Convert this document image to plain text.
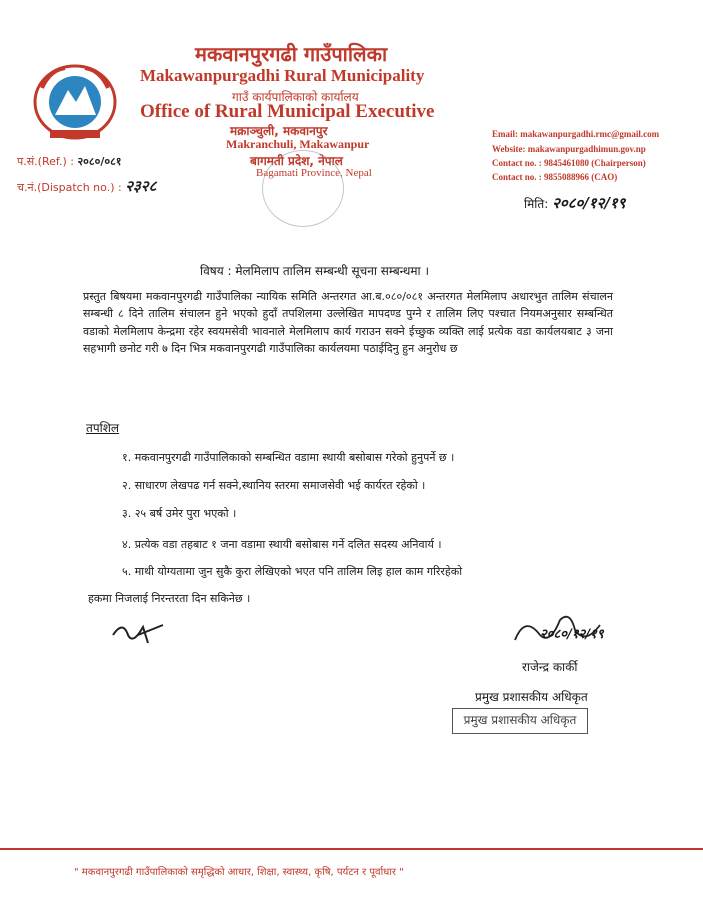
मकवानपुरगढी गाउँपालिका
Makawanpurgadhi Rural Municipality
गाउँ कार्यपालिकाको कार्यालय
Office of Rural Municipal Executive
मक्राञ्चुली, मकवानपुर
Makranchuli, Makawanpur
बागमती प्रदेश, नेपाल
Bagamati Province, Nepal
Email: makawanpurgadhi.rmc@gmail.com
Website: makawanpurgadhimun.gov.np
Contact no. : 9845461080 (Chairperson)
Contact no. : 9855088966 (CAO)
प.सं.(Ref.) : २०८०/०८१
च.नं.(Dispatch no.) : २३२८
मिति: २०८०/१२/१९
विषय : मेलमिलाप तालिम सम्बन्धी सूचना सम्बन्धमा ।
प्रस्तुत बिषयमा मकवानपुरगढी गाउँपालिका न्यायिक समिति अन्तरगत आ.ब.०८०/०८१ अन्तरगत मेलमिलाप अधारभुत तालिम संचालन सम्बन्धी ८ दिने तालिम संचालन हुने भएको हुदाँ तपशिलमा उल्लेखित मापदण्ड पुग्ने र तालिम लिए पश्चात नियमअनुसार सम्बन्धित वडाको मेलमिलाप केन्द्रमा रहेर स्वयमसेवी भावनाले मेलमिलाप कार्य गराउन सक्ने ईच्छुक व्यक्ति लाई प्रत्येक वडा कार्यलयबाट ३ जना सहभागी छनोट गरी ७ दिन भित्र मकवानपुरगढी गाउँपालिका कार्यलयमा पठाईदिनु हुन अनुरोध छ
तपशिल
१. मकवानपुरगढी गाउँपालिकाको सम्बन्धित वडामा स्थायी बसोबास गरेको हुनुपर्ने छ ।
२. साधारण लेखपढ गर्न सक्ने,स्थानिय स्तरमा समाजसेवी भई कार्यरत रहेको ।
३. २५ बर्ष उमेर पुरा भएको ।
४. प्रत्येक वडा तहबाट १ जना वडामा स्थायी बसोबास गर्ने दलित सदस्य अनिवार्य ।
५. माथी योग्यतामा जुन सुकै कुरा लेखिएको भएत पनि तालिम लिइ हाल काम गरिरहेको
हकमा निजलाई निरन्तरता दिन सकिनेछ ।
२०८०/१२/१९
राजेन्द्र कार्की
प्रमुख प्रशासकीय अधिकृत
प्रमुख प्रशासकीय अधिकृत
" मकवानपुरगढी गाउँपालिकाको समृद्धिको आधार, शिक्षा, स्वास्थ्य, कृषि, पर्यटन र पूर्वाधार "
